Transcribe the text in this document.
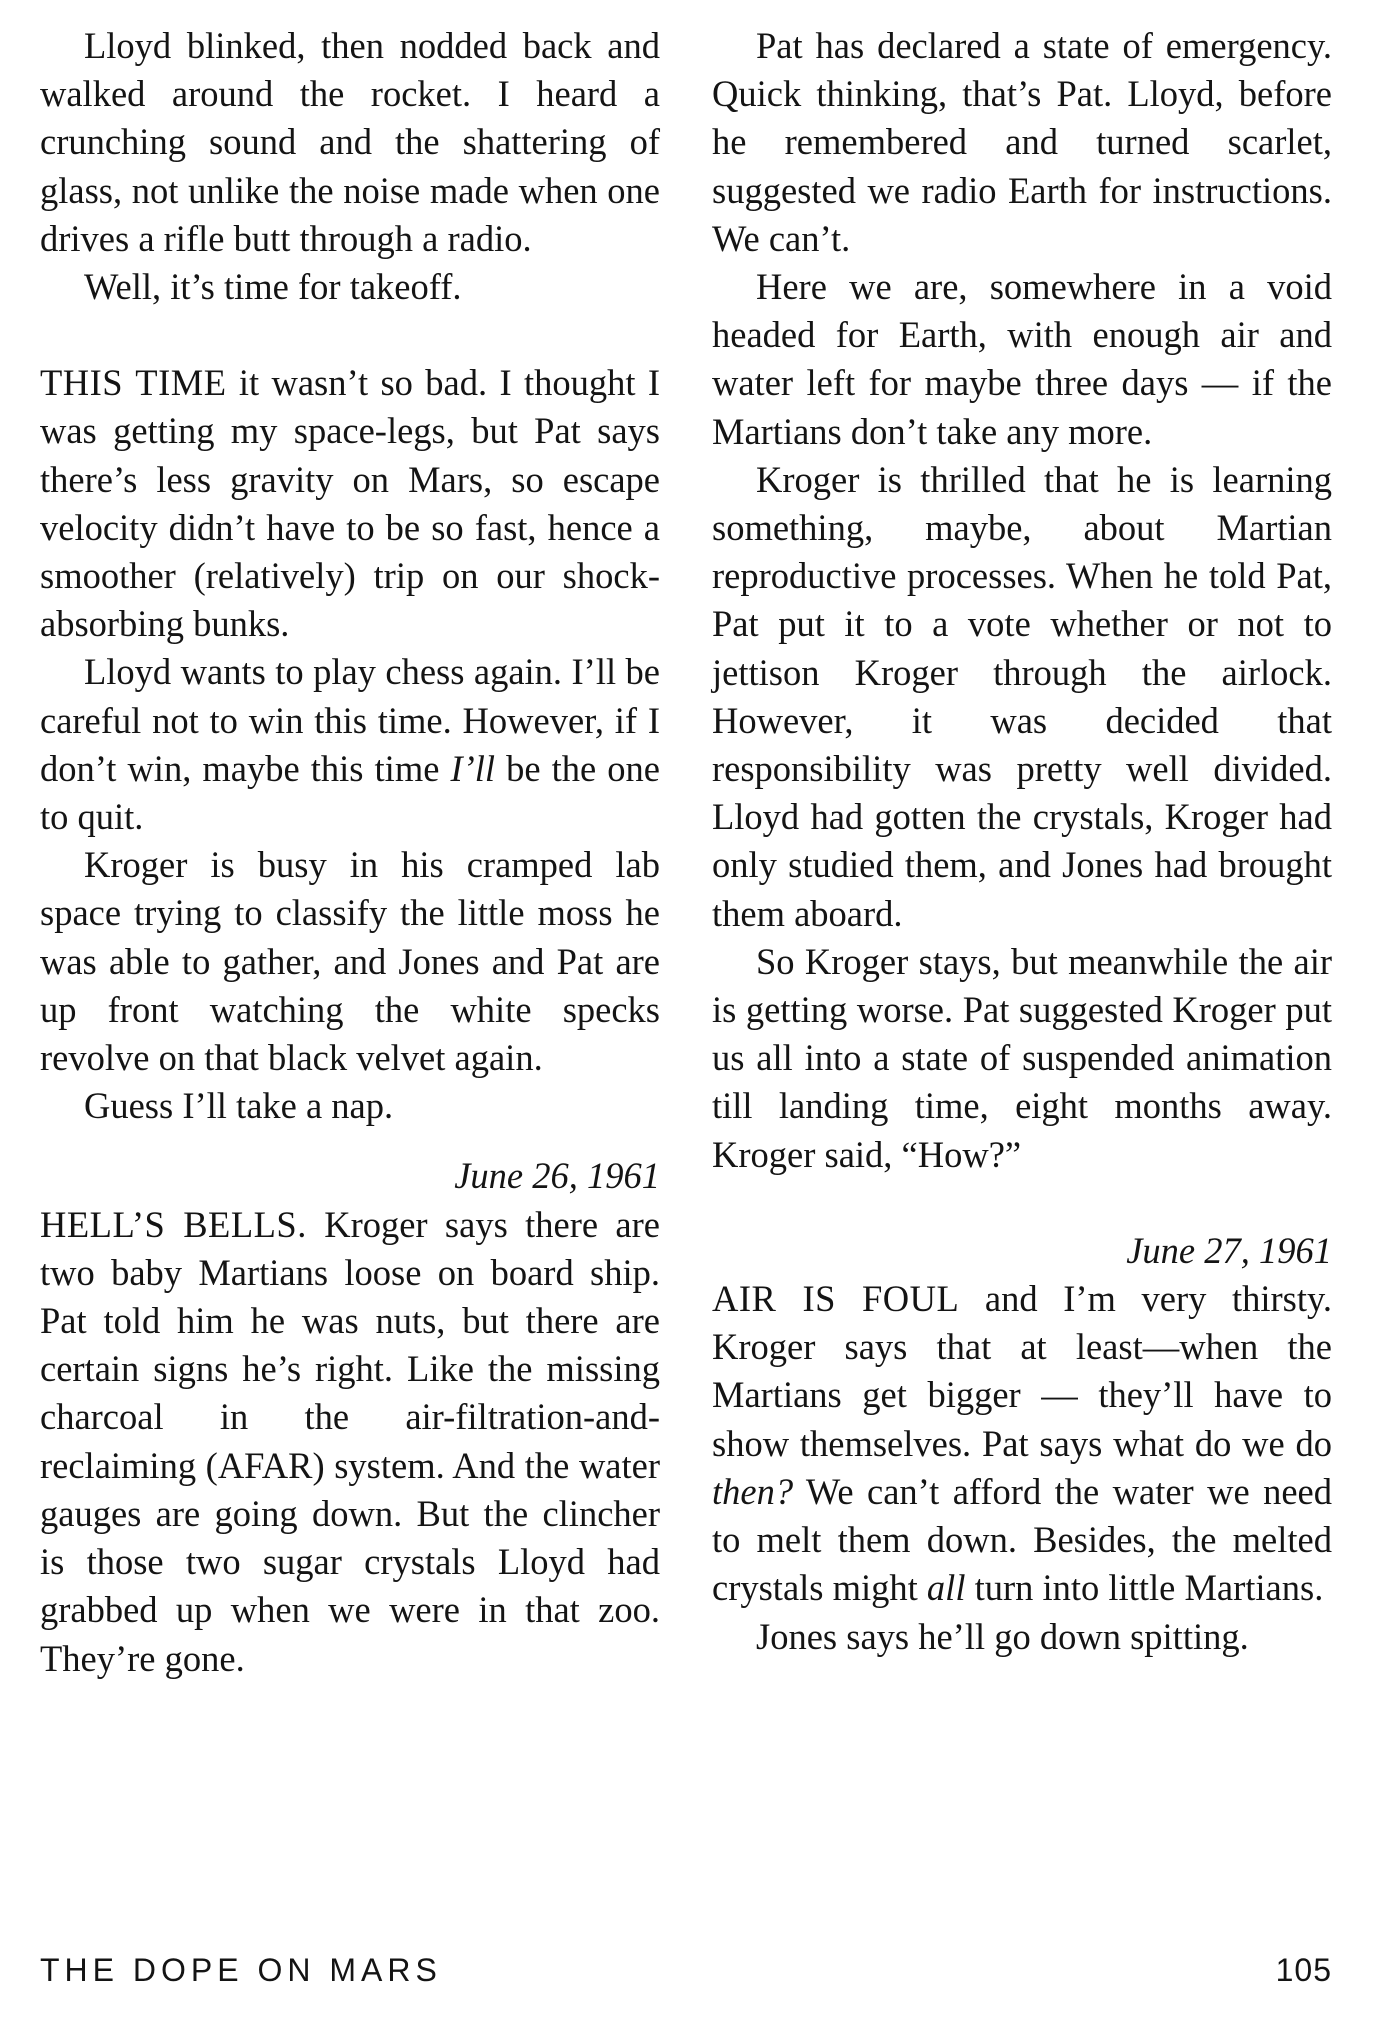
Lloyd blinked, then nodded back and walked around the rocket. I heard a crunching sound and the shattering of glass, not unlike the noise made when one drives a rifle butt through a radio.

Well, it’s time for takeoff.

THIS TIME it wasn’t so bad. I thought I was getting my space-legs, but Pat says there’s less gravity on Mars, so escape velocity didn’t have to be so fast, hence a smoother (relatively) trip on our shock-absorbing bunks.

Lloyd wants to play chess again. I’ll be careful not to win this time. However, if I don’t win, maybe this time I’ll be the one to quit.

Kroger is busy in his cramped lab space trying to classify the little moss he was able to gather, and Jones and Pat are up front watching the white specks revolve on that black velvet again.

Guess I’ll take a nap.

June 26, 1961

HELL’S BELLS. Kroger says there are two baby Martians loose on board ship. Pat told him he was nuts, but there are certain signs he’s right. Like the missing charcoal in the air-filtration-and-reclaiming (AFAR) system. And the water gauges are going down. But the clincher is those two sugar crystals Lloyd had grabbed up when we were in that zoo. They’re gone.

Pat has declared a state of emergency. Quick thinking, that’s Pat. Lloyd, before he remembered and turned scarlet, suggested we radio Earth for instructions. We can’t.

Here we are, somewhere in a void headed for Earth, with enough air and water left for maybe three days — if the Martians don’t take any more.

Kroger is thrilled that he is learning something, maybe, about Martian reproductive processes. When he told Pat, Pat put it to a vote whether or not to jettison Kroger through the airlock. However, it was decided that responsibility was pretty well divided. Lloyd had gotten the crystals, Kroger had only studied them, and Jones had brought them aboard.

So Kroger stays, but meanwhile the air is getting worse. Pat suggested Kroger put us all into a state of suspended animation till landing time, eight months away. Kroger said, “How?”

June 27, 1961

AIR IS FOUL and I’m very thirsty. Kroger says that at least—when the Martians get bigger — they’ll have to show themselves. Pat says what do we do then? We can’t afford the water we need to melt them down. Besides, the melted crystals might all turn into little Martians.

Jones says he’ll go down spitting.

THE DOPE ON MARS	105
